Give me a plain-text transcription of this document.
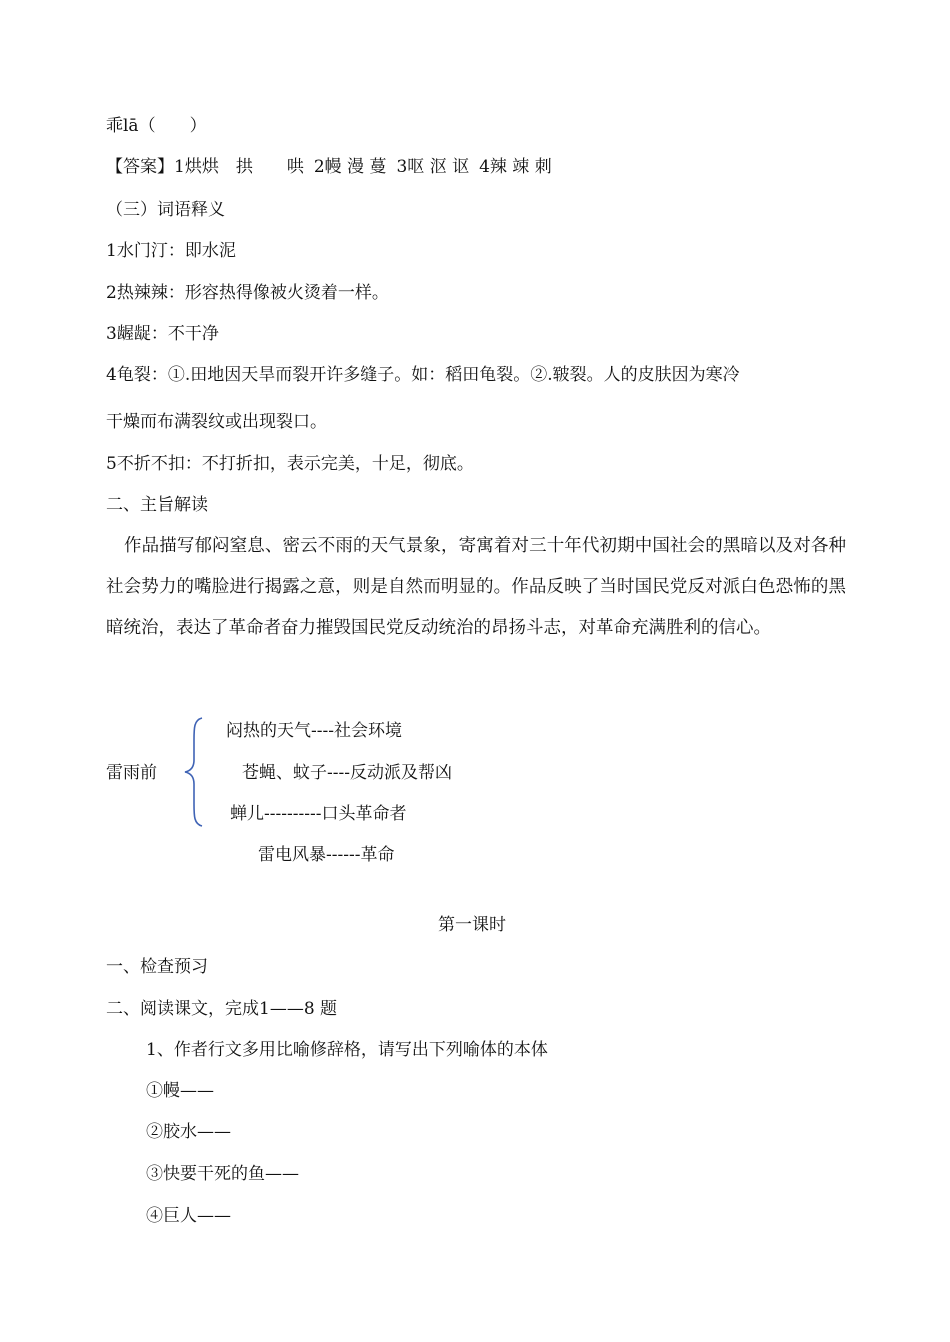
乖lā（　　）
【答案】1烘烘　拱　　哄 2幔 漫 蔓 3呕 沤 讴 4辣 竦 刺
（三）词语释义
1水门汀：即水泥
2热辣辣：形容热得像被火烫着一样。
3龌龊：不干净
4龟裂：①.田地因天旱而裂开许多缝子。如：稻田龟裂。②.皲裂。人的皮肤因为寒冷
干燥而布满裂纹或出现裂口。
5不折不扣：不打折扣，表示完美，十足，彻底。
二、主旨解读
作品描写郁闷窒息、密云不雨的天气景象，寄寓着对三十年代初期中国社会的黑暗以及对各种社会势力的嘴脸进行揭露之意，则是自然而明显的。作品反映了当时国民党反对派白色恐怖的黑暗统治，表达了革命者奋力摧毁国民党反动统治的昂扬斗志，对革命充满胜利的信心。
雷雨前
闷热的天气----社会环境
苍蝇、蚊子----反动派及帮凶
蝉儿----------口头革命者
雷电风暴------革命
第一课时
一、检查预习
二、阅读课文，完成1——8 题
1、作者行文多用比喻修辞格，请写出下列喻体的本体
①幔——
②胶水——
③快要干死的鱼——
④巨人——
